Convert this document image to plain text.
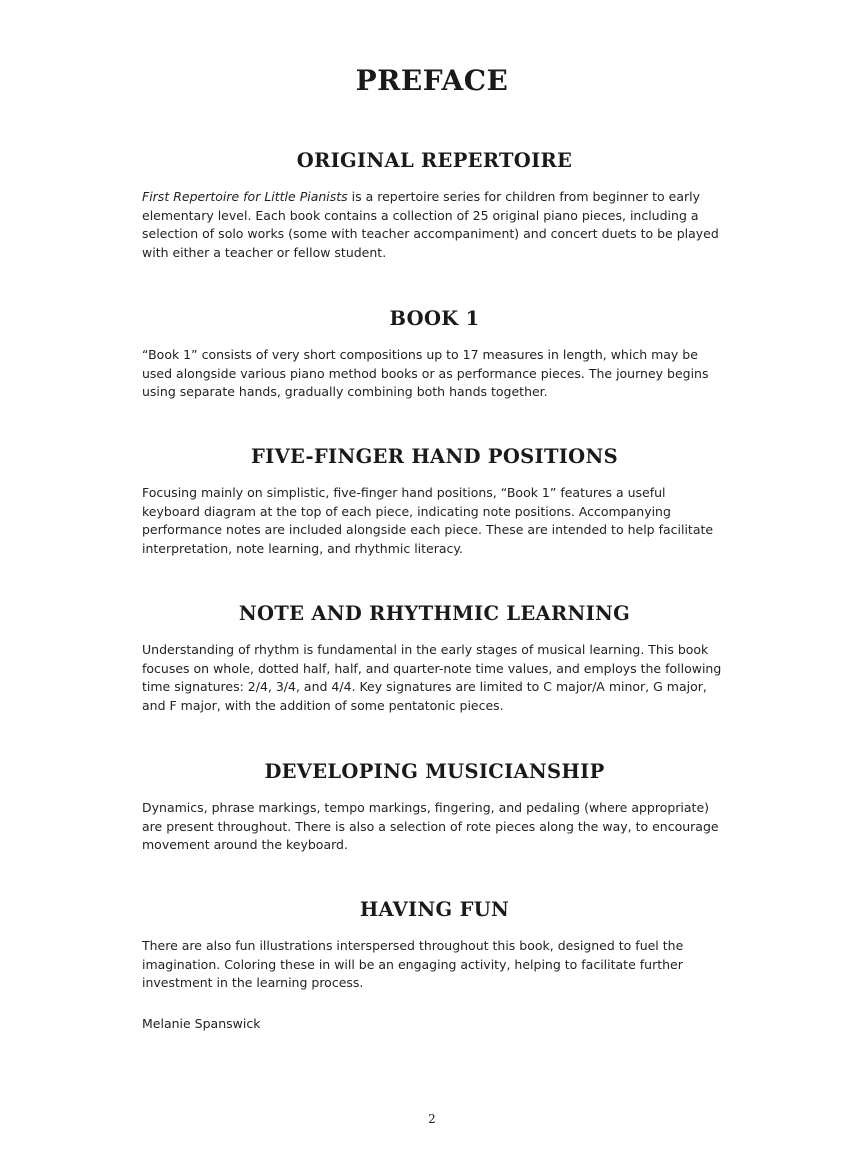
PREFACE
ORIGINAL REPERTOIRE

First Repertoire for Little Pianists is a repertoire series for children from beginner to early elementary level. Each book contains a collection of 25 original piano pieces, including a selection of solo works (some with teacher accompaniment) and concert duets to be played with either a teacher or fellow student.

BOOK 1

“Book 1” consists of very short compositions up to 17 measures in length, which may be used alongside various piano method books or as performance pieces. The journey begins using separate hands, gradually combining both hands together.

FIVE-FINGER HAND POSITIONS

Focusing mainly on simplistic, five-finger hand positions, “Book 1” features a useful keyboard diagram at the top of each piece, indicating note positions. Accompanying performance notes are included alongside each piece. These are intended to help facilitate interpretation, note learning, and rhythmic literacy.

NOTE AND RHYTHMIC LEARNING

Understanding of rhythm is fundamental in the early stages of musical learning. This book focuses on whole, dotted half, half, and quarter-note time values, and employs the following time signatures: 2/4, 3/4, and 4/4. Key signatures are limited to C major/A minor, G major, and F major, with the addition of some pentatonic pieces.

DEVELOPING MUSICIANSHIP

Dynamics, phrase markings, tempo markings, fingering, and pedaling (where appropriate) are present throughout. There is also a selection of rote pieces along the way, to encourage movement around the keyboard.

HAVING FUN

There are also fun illustrations interspersed throughout this book, designed to fuel the imagination. Coloring these in will be an engaging activity, helping to facilitate further investment in the learning process.

Melanie Spanswick

2
